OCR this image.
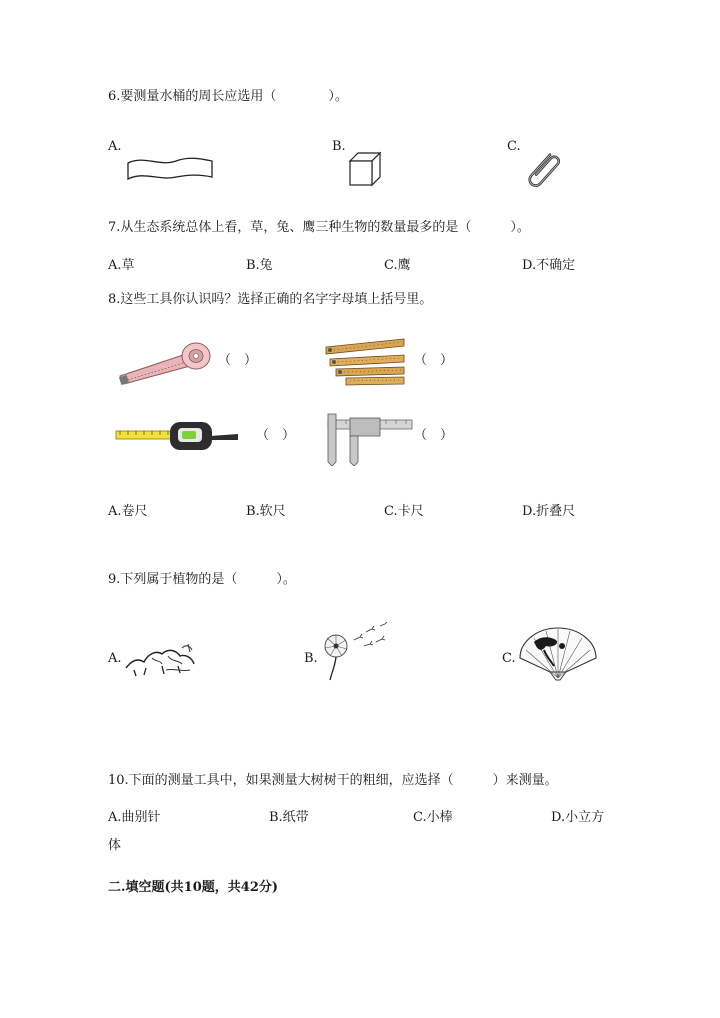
6.要测量水桶的周长应选用（　　　　）。
A.	B.	C.
7.从生态系统总体上看，草，兔、鹰三种生物的数量最多的是（　　　）。
A.草	B.兔	C.鹰	D.不确定
8.这些工具你认识吗？选择正确的名字字母填上括号里。
（　）	（　）
（　）	（　）
A.卷尺	B.软尺	C.卡尺	D.折叠尺
9.下列属于植物的是（　　　）。
A.	B.	C.
10.下面的测量工具中，如果测量大树树干的粗细，应选择（　　　）来测量。
A.曲别针	B.纸带	C.小棒	D.小立方
体
二.填空题(共10题，共42分)
